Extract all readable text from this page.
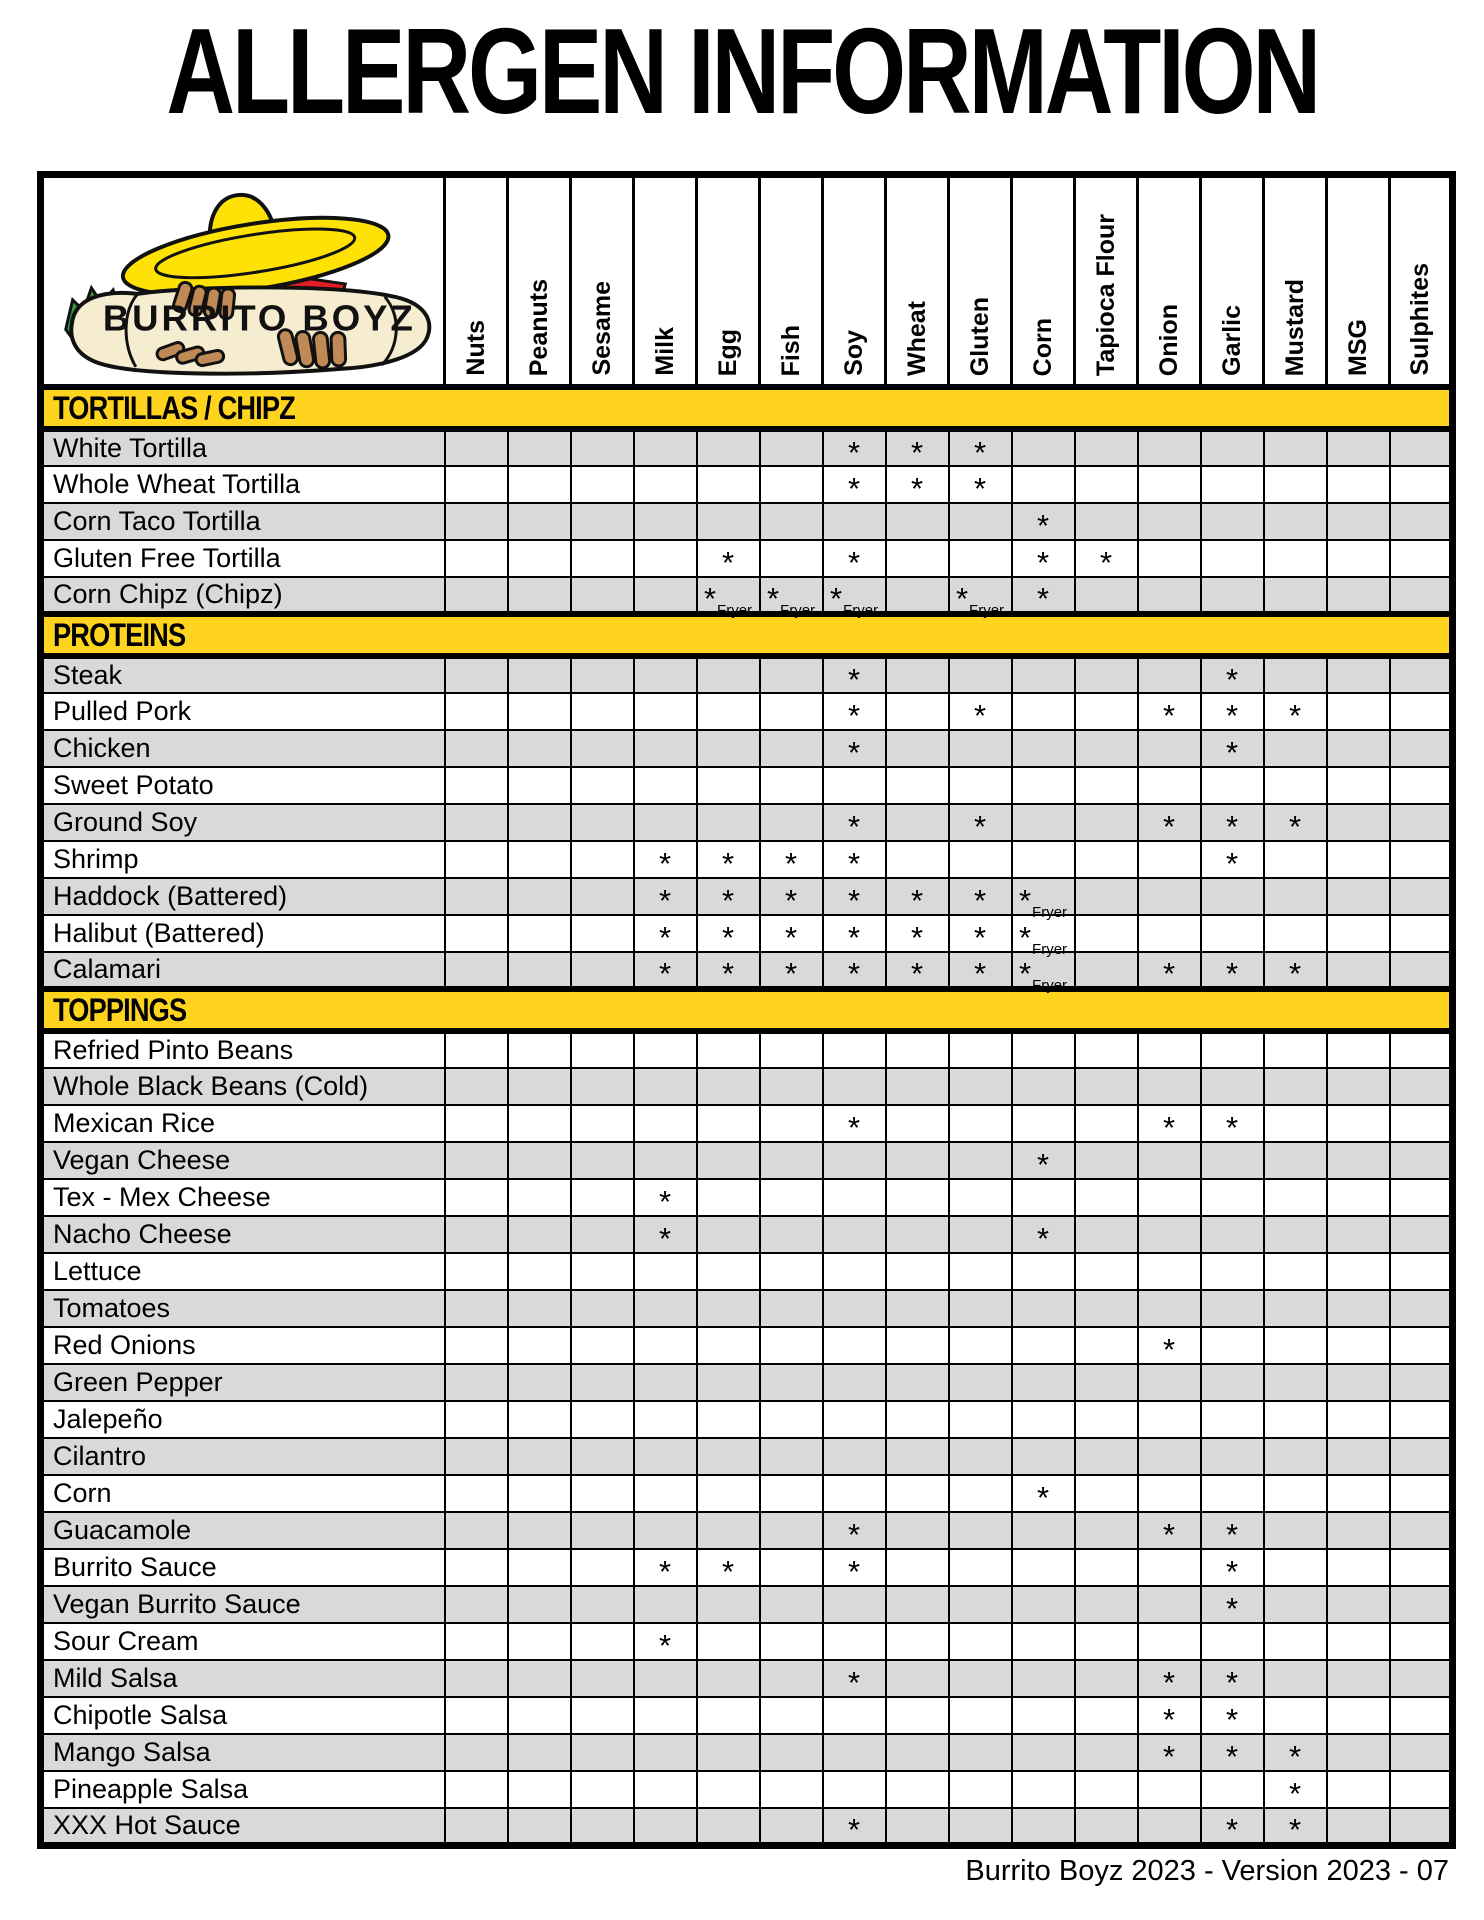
ALLERGEN INFORMATION
BURRITO BOYZ	Nuts	Peanuts	Sesame	Milk	Egg	Fish	Soy	Wheat	Gluten	Corn	Tapioca Flour	Onion	Garlic	Mustard	MSG	Sulphites

TORTILLAS / CHIPZ																
White Tortilla							*	*	*							
Whole Wheat Tortilla							*	*	*							
Corn Taco Tortilla										*						
Gluten Free Tortilla					*		*			*	*					
Corn Chipz (Chipz)					$*_{Fryer}$	$*_{Fryer}$	$*_{Fryer}$		$*_{Fryer}$	*						
PROTEINS																
Steak							*						*			
Pulled Pork							*		*			*	*	*		
Chicken							*						*			
Sweet Potato																
Ground Soy							*		*			*	*	*		
Shrimp				*	*	*	*						*			
Haddock (Battered)				*	*	*	*	*	*	$*_{Fryer}$						
Halibut (Battered)				*	*	*	*	*	*	$*_{Fryer}$						
Calamari				*	*	*	*	*	*	$*_{Fryer}$		*	*	*		
TOPPINGS																
Refried Pinto Beans																
Whole Black Beans (Cold)																
Mexican Rice							*					*	*			
Vegan Cheese										*						
Tex - Mex Cheese				*												
Nacho Cheese				*						*						
Lettuce																
Tomatoes																
Red Onions												*				
Green Pepper																
Jalepeño																
Cilantro																
Corn										*						
Guacamole							*					*	*			
Burrito Sauce				*	*		*						*			
Vegan Burrito Sauce													*			
Sour Cream				*												
Mild Salsa							*					*	*			
Chipotle Salsa												*	*			
Mango Salsa												*	*	*		
Pineapple Salsa														*		
XXX Hot Sauce							*						*	*		
Burrito Boyz 2023 - Version 2023 - 07
